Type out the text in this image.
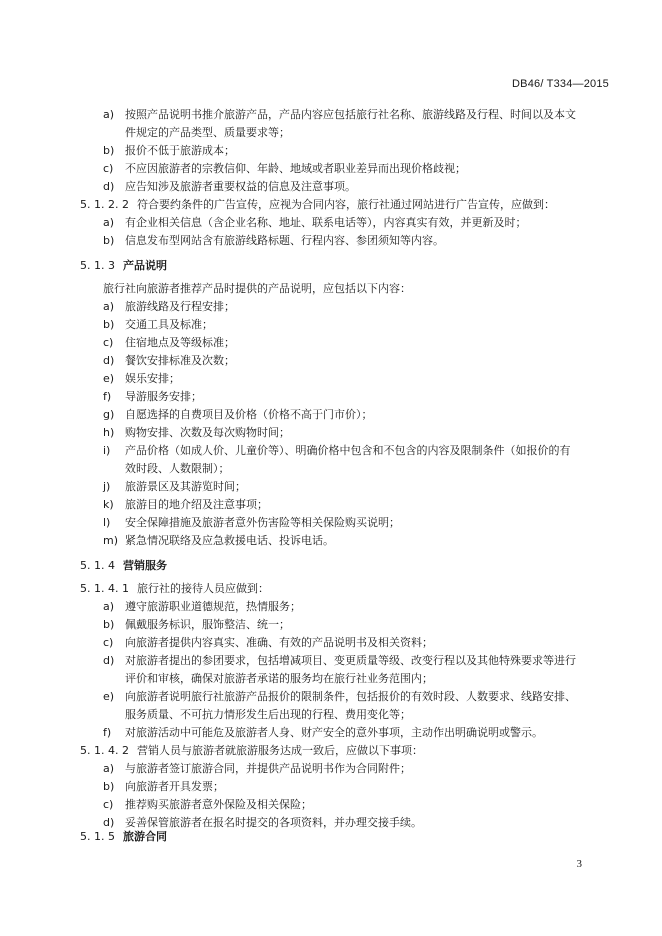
DB46/ T334—2015
a) 按照产品说明书推介旅游产品，产品内容应包括旅行社名称、旅游线路及行程、时间以及本文
件规定的产品类型、质量要求等；
b) 报价不低于旅游成本；
c) 不应因旅游者的宗教信仰、年龄、地域或者职业差异而出现价格歧视；
d) 应告知涉及旅游者重要权益的信息及注意事项。
5. 1. 2. 2 符合要约条件的广告宣传，应视为合同内容，旅行社通过网站进行广告宣传，应做到：
a) 有企业相关信息（含企业名称、地址、联系电话等），内容真实有效，并更新及时；
b) 信息发布型网站含有旅游线路标题、行程内容、参团须知等内容。
5. 1. 3 产品说明
旅行社向旅游者推荐产品时提供的产品说明，应包括以下内容：
a) 旅游线路及行程安排；
b) 交通工具及标准；
c) 住宿地点及等级标准；
d) 餐饮安排标准及次数；
e) 娱乐安排；
f) 导游服务安排；
g) 自愿选择的自费项目及价格（价格不高于门市价）；
h) 购物安排、次数及每次购物时间；
i) 产品价格（如成人价、儿童价等）、明确价格中包含和不包含的内容及限制条件（如报价的有
效时段、人数限制）；
j) 旅游景区及其游览时间；
k) 旅游目的地介绍及注意事项；
l) 安全保障措施及旅游者意外伤害险等相关保险购买说明；
m) 紧急情况联络及应急救援电话、投诉电话。
5. 1. 4 营销服务
5. 1. 4. 1 旅行社的接待人员应做到：
a) 遵守旅游职业道德规范，热情服务；
b) 佩戴服务标识，服饰整洁、统一；
c) 向旅游者提供内容真实、准确、有效的产品说明书及相关资料；
d) 对旅游者提出的参团要求，包括增减项目、变更质量等级、改变行程以及其他特殊要求等进行
评价和审核，确保对旅游者承诺的服务均在旅行社业务范围内；
e) 向旅游者说明旅行社旅游产品报价的限制条件，包括报价的有效时段、人数要求、线路安排、
服务质量、不可抗力情形发生后出现的行程、费用变化等；
f) 对旅游活动中可能危及旅游者人身、财产安全的意外事项，主动作出明确说明或警示。
5. 1. 4. 2 营销人员与旅游者就旅游服务达成一致后，应做以下事项：
a) 与旅游者签订旅游合同，并提供产品说明书作为合同附件；
b) 向旅游者开具发票；
c) 推荐购买旅游者意外保险及相关保险；
d) 妥善保管旅游者在报名时提交的各项资料，并办理交接手续。
5. 1. 5 旅游合同
3
